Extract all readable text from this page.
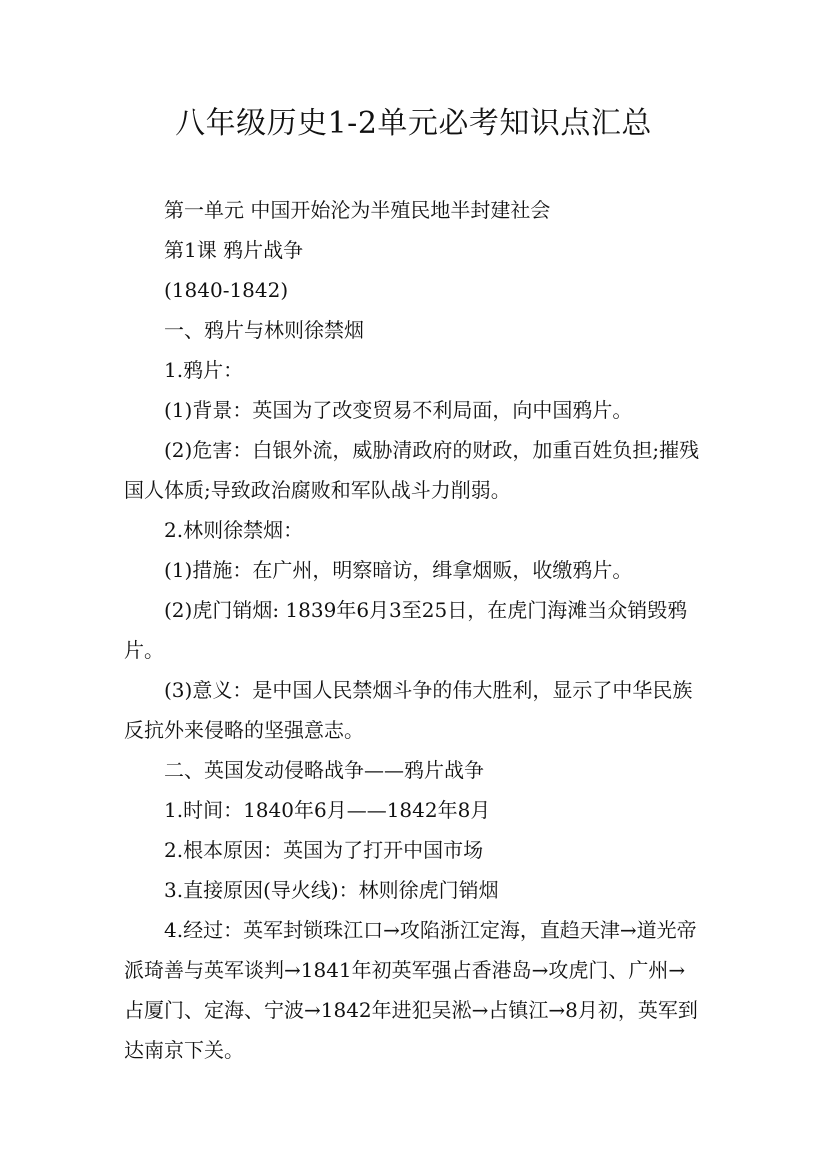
八年级历史1-2单元必考知识点汇总

第一单元 中国开始沦为半殖民地半封建社会

第1课 鸦片战争

(1840-1842)

一、鸦片与林则徐禁烟

1.鸦片：

(1)背景：英国为了改变贸易不利局面，向中国鸦片。

(2)危害：白银外流，威胁清政府的财政，加重百姓负担;摧残国人体质;导致政治腐败和军队战斗力削弱。

2.林则徐禁烟：

(1)措施：在广州，明察暗访，缉拿烟贩，收缴鸦片。

(2)虎门销烟: 1839年6月3至25日，在虎门海滩当众销毁鸦片。

(3)意义：是中国人民禁烟斗争的伟大胜利，显示了中华民族反抗外来侵略的坚强意志。

二、英国发动侵略战争——鸦片战争

1.时间：1840年6月——1842年8月

2.根本原因：英国为了打开中国市场

3.直接原因(导火线)：林则徐虎门销烟

4.经过：英军封锁珠江口→攻陷浙江定海，直趋天津→道光帝派琦善与英军谈判→1841年初英军强占香港岛→攻虎门、广州→占厦门、定海、宁波→1842年进犯吴淞→占镇江→8月初，英军到达南京下关。
